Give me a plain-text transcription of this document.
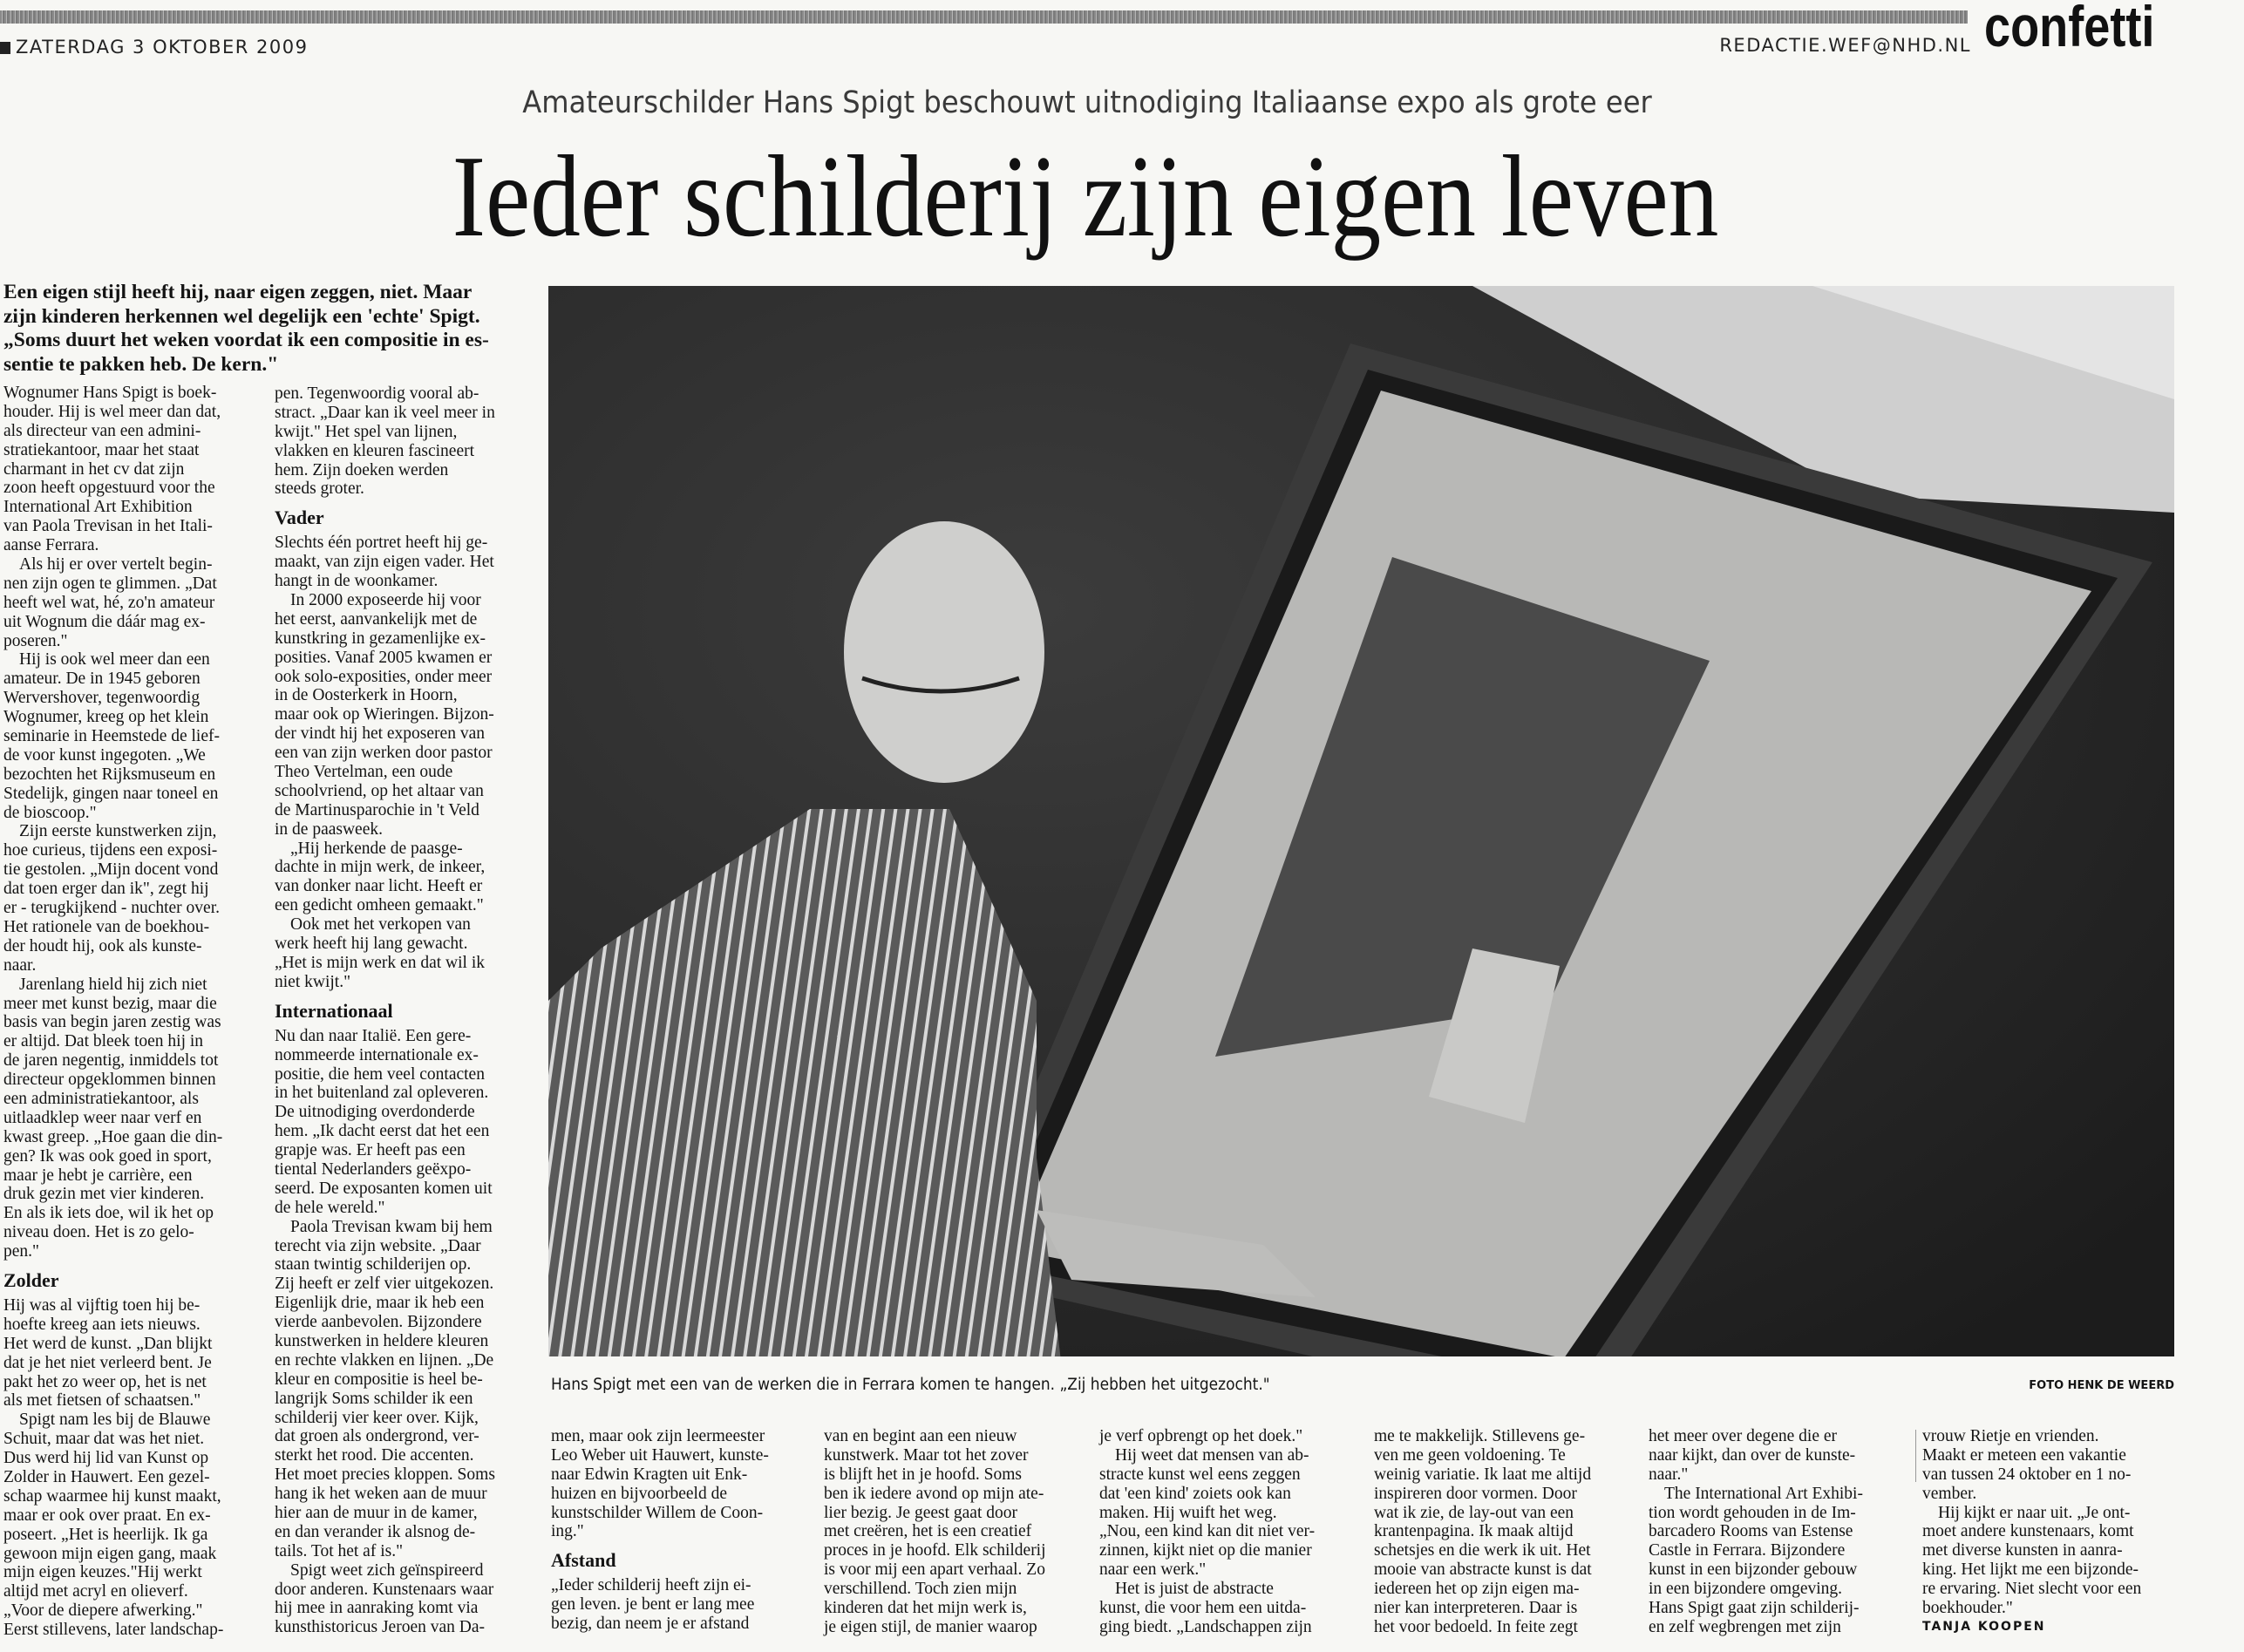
ZATERDAG 3 OKTOBER 2009	REDACTIE.WEF@NHD.NL confetti
Amateurschilder Hans Spigt beschouwt uitnodiging Italiaanse expo als grote eer
Ieder schilderij zijn eigen leven
Een eigen stijl heeft hij, naar eigen zeggen, niet. Maar
zijn kinderen herkennen wel degelijk een 'echte' Spigt.
„Soms duurt het weken voordat ik een compositie in es-
sentie te pakken heb. De kern."
Hans Spigt met een van de werken die in Ferrara komen te hangen. „Zij hebben het uitgezocht."	FOTO HENK DE WEERD
Wognumer Hans Spigt is boek-
houder. Hij is wel meer dan dat,
als directeur van een admini-
stratiekantoor, maar het staat
charmant in het cv dat zijn
zoon heeft opgestuurd voor the
International Art Exhibition
van Paola Trevisan in het Itali-
aanse Ferrara.
Als hij er over vertelt begin-
nen zijn ogen te glimmen. „Dat
heeft wel wat, hé, zo'n amateur
uit Wognum die dáár mag ex-
poseren."
Hij is ook wel meer dan een
amateur. De in 1945 geboren
Wervershover, tegenwoordig
Wognumer, kreeg op het klein
seminarie in Heemstede de lief-
de voor kunst ingegoten. „We
bezochten het Rijksmuseum en
Stedelijk, gingen naar toneel en
de bioscoop."
Zijn eerste kunstwerken zijn,
hoe curieus, tijdens een exposi-
tie gestolen. „Mijn docent vond
dat toen erger dan ik", zegt hij
er - terugkijkend - nuchter over.
Het rationele van de boekhou-
der houdt hij, ook als kunste-
naar.
Jarenlang hield hij zich niet
meer met kunst bezig, maar die
basis van begin jaren zestig was
er altijd. Dat bleek toen hij in
de jaren negentig, inmiddels tot
directeur opgeklommen binnen
een administratiekantoor, als
uitlaadklep weer naar verf en
kwast greep. „Hoe gaan die din-
gen? Ik was ook goed in sport,
maar je hebt je carrière, een
druk gezin met vier kinderen.
En als ik iets doe, wil ik het op
niveau doen. Het is zo gelo-
pen."
Zolder
Hij was al vijftig toen hij be-
hoefte kreeg aan iets nieuws.
Het werd de kunst. „Dan blijkt
dat je het niet verleerd bent. Je
pakt het zo weer op, het is net
als met fietsen of schaatsen."
Spigt nam les bij de Blauwe
Schuit, maar dat was het niet.
Dus werd hij lid van Kunst op
Zolder in Hauwert. Een gezel-
schap waarmee hij kunst maakt,
maar er ook over praat. En ex-
poseert. „Het is heerlijk. Ik ga
gewoon mijn eigen gang, maak
mijn eigen keuzes."Hij werkt
altijd met acryl en olieverf.
„Voor de diepere afwerking."
Eerst stillevens, later landschap-
pen. Tegenwoordig vooral ab-
stract. „Daar kan ik veel meer in
kwijt." Het spel van lijnen,
vlakken en kleuren fascineert
hem. Zijn doeken werden
steeds groter.
Vader
Slechts één portret heeft hij ge-
maakt, van zijn eigen vader. Het
hangt in de woonkamer.
In 2000 exposeerde hij voor
het eerst, aanvankelijk met de
kunstkring in gezamenlijke ex-
posities. Vanaf 2005 kwamen er
ook solo-exposities, onder meer
in de Oosterkerk in Hoorn,
maar ook op Wieringen. Bijzon-
der vindt hij het exposeren van
een van zijn werken door pastor
Theo Vertelman, een oude
schoolvriend, op het altaar van
de Martinusparochie in 't Veld
in de paasweek.
„Hij herkende de paasge-
dachte in mijn werk, de inkeer,
van donker naar licht. Heeft er
een gedicht omheen gemaakt."
Ook met het verkopen van
werk heeft hij lang gewacht.
„Het is mijn werk en dat wil ik
niet kwijt."
Internationaal
Nu dan naar Italië. Een gere-
nommeerde internationale ex-
positie, die hem veel contacten
in het buitenland zal opleveren.
De uitnodiging overdonderde
hem. „Ik dacht eerst dat het een
grapje was. Er heeft pas een
tiental Nederlanders geëxpo-
seerd. De exposanten komen uit
de hele wereld."
Paola Trevisan kwam bij hem
terecht via zijn website. „Daar
staan twintig schilderijen op.
Zij heeft er zelf vier uitgekozen.
Eigenlijk drie, maar ik heb een
vierde aanbevolen. Bijzondere
kunstwerken in heldere kleuren
en rechte vlakken en lijnen. „De
kleur en compositie is heel be-
langrijk Soms schilder ik een
schilderij vier keer over. Kijk,
dat groen als ondergrond, ver-
sterkt het rood. Die accenten.
Het moet precies kloppen. Soms
hang ik het weken aan de muur
hier aan de muur in de kamer,
en dan verander ik alsnog de-
tails. Tot het af is."
Spigt weet zich geïnspireerd
door anderen. Kunstenaars waar
hij mee in aanraking komt via
kunsthistoricus Jeroen van Da-
men, maar ook zijn leermeester
Leo Weber uit Hauwert, kunste-
naar Edwin Kragten uit Enk-
huizen en bijvoorbeeld de
kunstschilder Willem de Coon-
ing."
Afstand
„Ieder schilderij heeft zijn ei-
gen leven. je bent er lang mee
bezig, dan neem je er afstand
van en begint aan een nieuw
kunstwerk. Maar tot het zover
is blijft het in je hoofd. Soms
ben ik iedere avond op mijn ate-
lier bezig. Je geest gaat door
met creëren, het is een creatief
proces in je hoofd. Elk schilderij
is voor mij een apart verhaal. Zo
verschillend. Toch zien mijn
kinderen dat het mijn werk is,
je eigen stijl, de manier waarop
je verf opbrengt op het doek."
Hij weet dat mensen van ab-
stracte kunst wel eens zeggen
dat 'een kind' zoiets ook kan
maken. Hij wuift het weg.
„Nou, een kind kan dit niet ver-
zinnen, kijkt niet op die manier
naar een werk."
Het is juist de abstracte
kunst, die voor hem een uitda-
ging biedt. „Landschappen zijn
me te makkelijk. Stillevens ge-
ven me geen voldoening. Te
weinig variatie. Ik laat me altijd
inspireren door vormen. Door
wat ik zie, de lay-out van een
krantenpagina. Ik maak altijd
schetsjes en die werk ik uit. Het
mooie van abstracte kunst is dat
iedereen het op zijn eigen ma-
nier kan interpreteren. Daar is
het voor bedoeld. In feite zegt
het meer over degene die er
naar kijkt, dan over de kunste-
naar."
The International Art Exhibi-
tion wordt gehouden in de Im-
barcadero Rooms van Estense
Castle in Ferrara. Bijzondere
kunst in een bijzonder gebouw
in een bijzondere omgeving.
Hans Spigt gaat zijn schilderij-
en zelf wegbrengen met zijn
vrouw Rietje en vrienden.
Maakt er meteen een vakantie
van tussen 24 oktober en 1 no-
vember.
Hij kijkt er naar uit. „Je ont-
moet andere kunstenaars, komt
met diverse kunsten in aanra-
king. Het lijkt me een bijzonde-
re ervaring. Niet slecht voor een
boekhouder."
TANJA KOOPEN
